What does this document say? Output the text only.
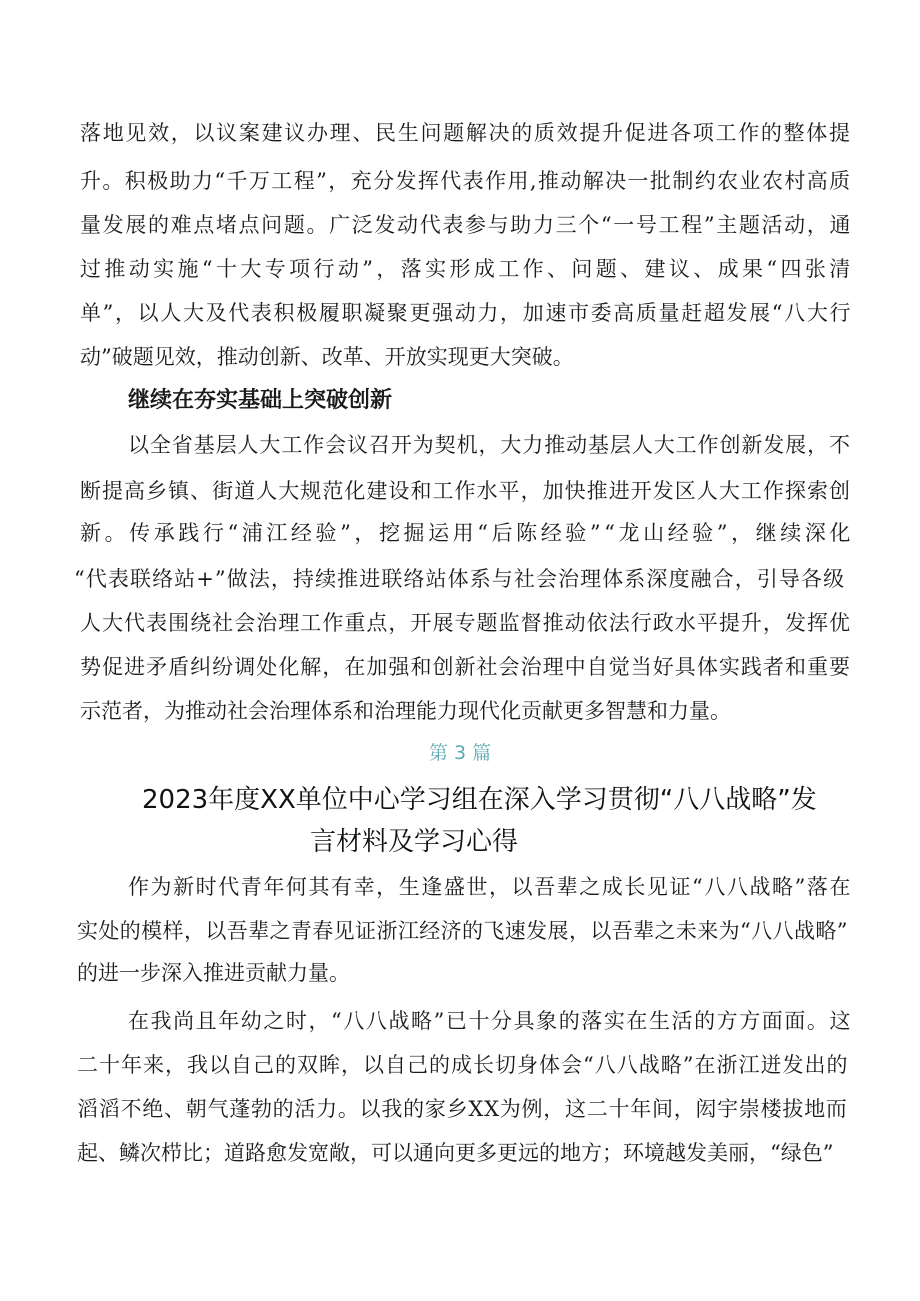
落地见效，以议案建议办理、民生问题解决的质效提升促进各项工作的整体提
升。积极助力“千万工程”，充分发挥代表作用,推动解决一批制约农业农村高质
量发展的难点堵点问题。广泛发动代表参与助力三个“一号工程”主题活动，通
过推动实施“十大专项行动”，落实形成工作、问题、建议、成果“四张清
单”，以人大及代表积极履职凝聚更强动力，加速市委高质量赶超发展“八大行
动”破题见效，推动创新、改革、开放实现更大突破。
继续在夯实基础上突破创新
以全省基层人大工作会议召开为契机，大力推动基层人大工作创新发展，不
断提高乡镇、街道人大规范化建设和工作水平，加快推进开发区人大工作探索创
新。传承践行“浦江经验”，挖掘运用“后陈经验”“龙山经验”，继续深化
“代表联络站+”做法，持续推进联络站体系与社会治理体系深度融合，引导各级
人大代表围绕社会治理工作重点，开展专题监督推动依法行政水平提升，发挥优
势促进矛盾纠纷调处化解，在加强和创新社会治理中自觉当好具体实践者和重要
示范者，为推动社会治理体系和治理能力现代化贡献更多智慧和力量。
第 3 篇
2023年度XX单位中心学习组在深入学习贯彻“八八战略”发
言材料及学习心得
作为新时代青年何其有幸，生逢盛世，以吾辈之成长见证“八八战略”落在
实处的模样，以吾辈之青春见证浙江经济的飞速发展，以吾辈之未来为“八八战略”
的进一步深入推进贡献力量。
在我尚且年幼之时，“八八战略”已十分具象的落实在生活的方方面面。这
二十年来，我以自己的双眸，以自己的成长切身体会“八八战略”在浙江迸发出的
滔滔不绝、朝气蓬勃的活力。以我的家乡XX为例，这二十年间，闳宇崇楼拔地而
起、鳞次栉比；道路愈发宽敞，可以通向更多更远的地方；环境越发美丽，“绿色”
